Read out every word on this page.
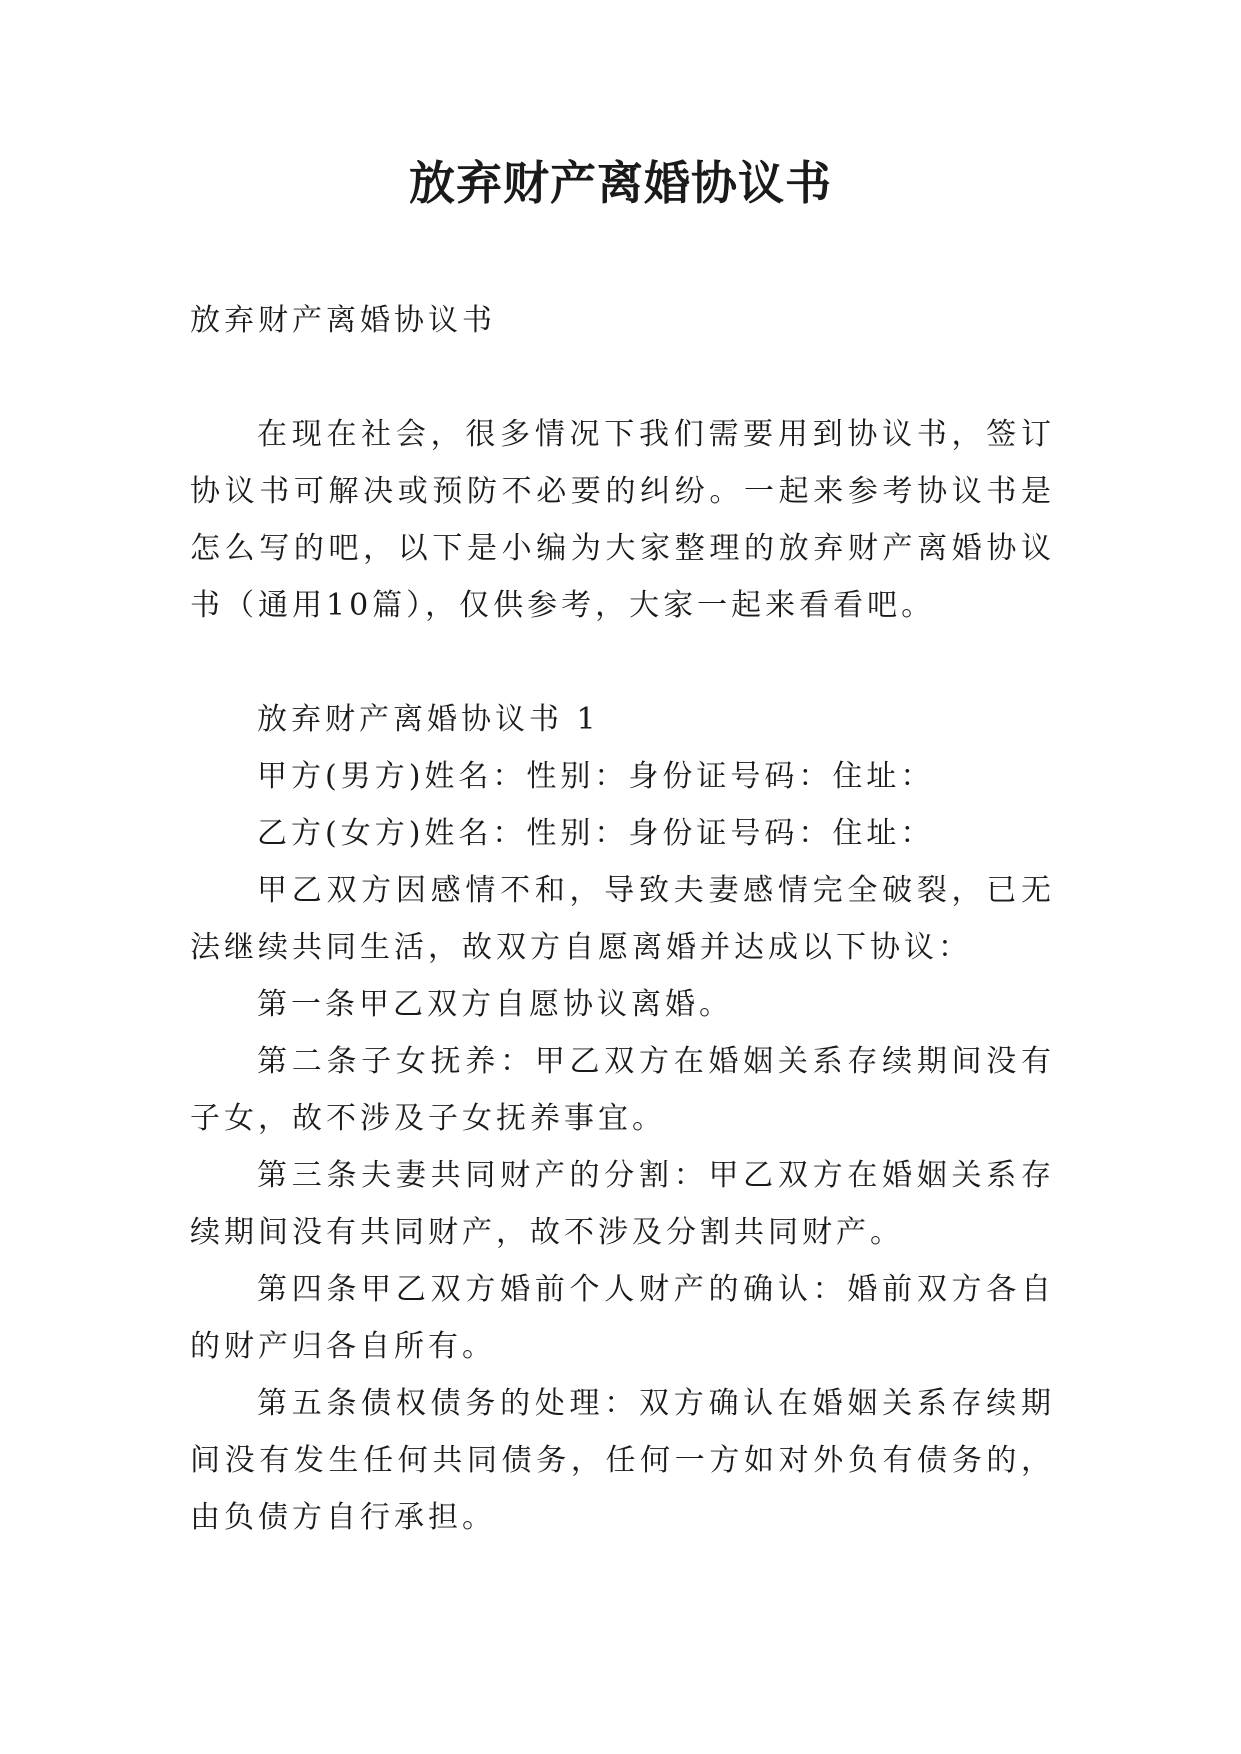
放弃财产离婚协议书

放弃财产离婚协议书

在现在社会，很多情况下我们需要用到协议书，签订协议书可解决或预防不必要的纠纷。一起来参考协议书是怎么写的吧，以下是小编为大家整理的放弃财产离婚协议书（通用10篇），仅供参考，大家一起来看看吧。

放弃财产离婚协议书 1

甲方(男方)姓名：性别：身份证号码：住址：

乙方(女方)姓名：性别：身份证号码：住址：

甲乙双方因感情不和，导致夫妻感情完全破裂，已无法继续共同生活，故双方自愿离婚并达成以下协议：

第一条甲乙双方自愿协议离婚。

第二条子女抚养：甲乙双方在婚姻关系存续期间没有子女，故不涉及子女抚养事宜。

第三条夫妻共同财产的分割：甲乙双方在婚姻关系存续期间没有共同财产，故不涉及分割共同财产。

第四条甲乙双方婚前个人财产的确认：婚前双方各自的财产归各自所有。

第五条债权债务的处理：双方确认在婚姻关系存续期间没有发生任何共同债务，任何一方如对外负有债务的，由负债方自行承担。
